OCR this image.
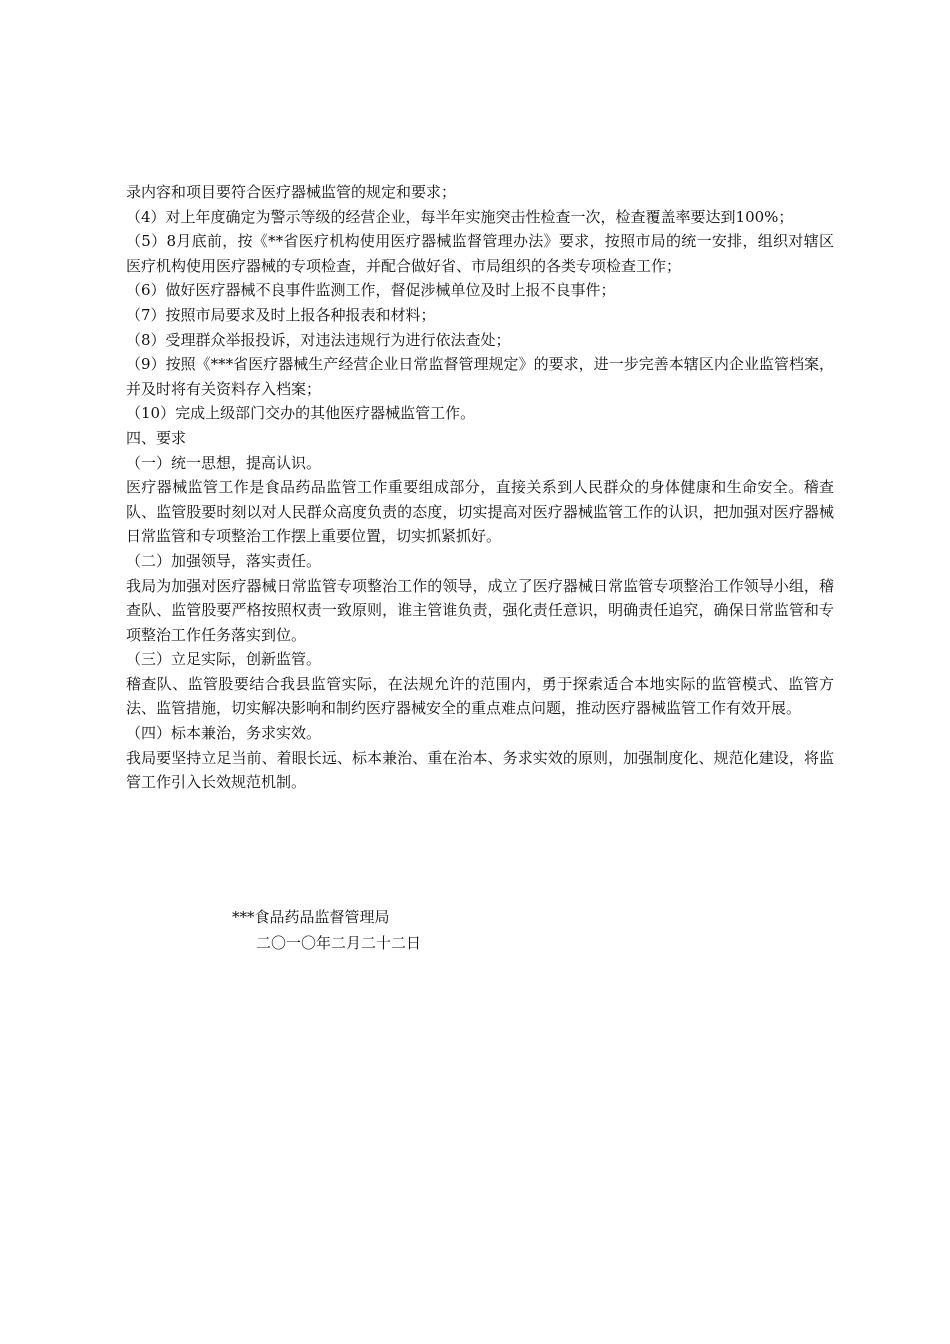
录内容和项目要符合医疗器械监管的规定和要求；

（4）对上年度确定为警示等级的经营企业，每半年实施突击性检查一次，检查覆盖率要达到100%；

（5）8月底前，按《**省医疗机构使用医疗器械监督管理办法》要求，按照市局的统一安排，组织对辖区医疗机构使用医疗器械的专项检查，并配合做好省、市局组织的各类专项检查工作；

（6）做好医疗器械不良事件监测工作，督促涉械单位及时上报不良事件；

（7）按照市局要求及时上报各种报表和材料；

（8）受理群众举报投诉，对违法违规行为进行依法查处；

（9）按照《***省医疗器械生产经营企业日常监督管理规定》的要求，进一步完善本辖区内企业监管档案，并及时将有关资料存入档案；

（10）完成上级部门交办的其他医疗器械监管工作。

四、要求

（一）统一思想，提高认识。

医疗器械监管工作是食品药品监管工作重要组成部分，直接关系到人民群众的身体健康和生命安全。稽查队、监管股要时刻以对人民群众高度负责的态度，切实提高对医疗器械监管工作的认识，把加强对医疗器械日常监管和专项整治工作摆上重要位置，切实抓紧抓好。

（二）加强领导，落实责任。

我局为加强对医疗器械日常监管专项整治工作的领导，成立了医疗器械日常监管专项整治工作领导小组，稽查队、监管股要严格按照权责一致原则，谁主管谁负责，强化责任意识，明确责任追究，确保日常监管和专项整治工作任务落实到位。

（三）立足实际，创新监管。

稽查队、监管股要结合我县监管实际，在法规允许的范围内，勇于探索适合本地实际的监管模式、监管方法、监管措施，切实解决影响和制约医疗器械安全的重点难点问题，推动医疗器械监管工作有效开展。

（四）标本兼治，务求实效。

我局要坚持立足当前、着眼长远、标本兼治、重在治本、务求实效的原则，加强制度化、规范化建设，将监管工作引入长效规范机制。

***食品药品监督管理局

二〇一〇年二月二十二日
